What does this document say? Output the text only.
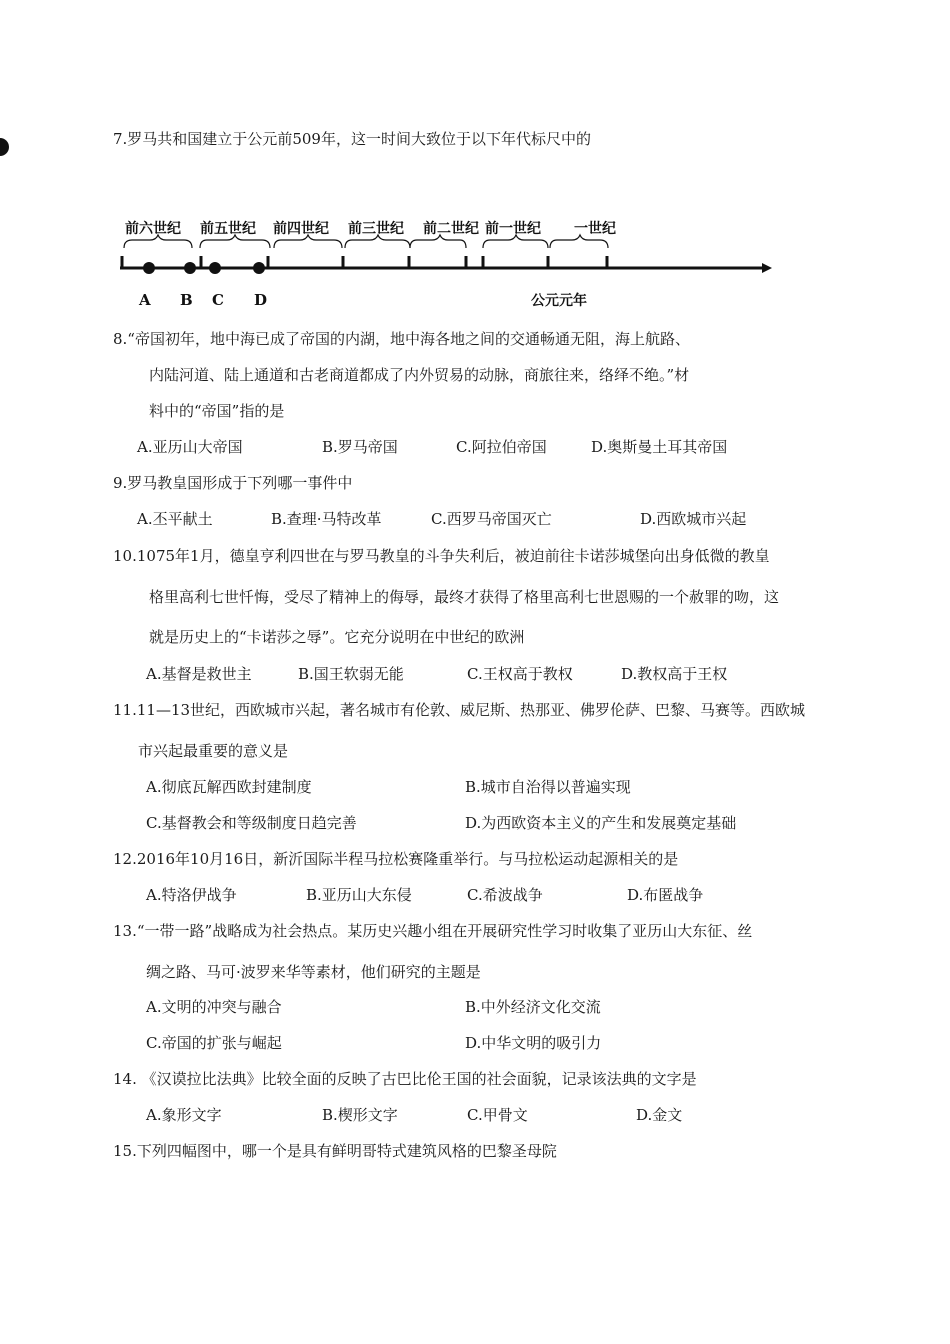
7.罗马共和国建立于公元前509年，这一时间大致位于以下年代标尺中的
前六世纪 前五世纪 前四世纪 前三世纪 前二世纪 前一世纪 一世纪
A B C D	公元元年
8.“帝国初年，地中海已成了帝国的内湖，地中海各地之间的交通畅通无阻，海上航路、
内陆河道、陆上通道和古老商道都成了内外贸易的动脉，商旅往来，络绎不绝。”材
料中的“帝国”指的是
A.亚历山大帝国	B.罗马帝国	C.阿拉伯帝国	D.奥斯曼土耳其帝国
9.罗马教皇国形成于下列哪一事件中
A.丕平献土	B.查理·马特改革	C.西罗马帝国灭亡	D.西欧城市兴起
10.1075年1月，德皇亨利四世在与罗马教皇的斗争失利后，被迫前往卡诺莎城堡向出身低微的教皇
格里高利七世忏悔，受尽了精神上的侮辱，最终才获得了格里高利七世恩赐的一个赦罪的吻，这
就是历史上的“卡诺莎之辱”。它充分说明在中世纪的欧洲
A.基督是救世主	B.国王软弱无能	C.王权高于教权	D.教权高于王权
11.11—13世纪，西欧城市兴起，著名城市有伦敦、威尼斯、热那亚、佛罗伦萨、巴黎、马赛等。西欧城
市兴起最重要的意义是
A.彻底瓦解西欧封建制度	B.城市自治得以普遍实现
C.基督教会和等级制度日趋完善	D.为西欧资本主义的产生和发展奠定基础
12.2016年10月16日，新沂国际半程马拉松赛隆重举行。与马拉松运动起源相关的是
A.特洛伊战争	B.亚历山大东侵	C.希波战争	D.布匿战争
13.“一带一路”战略成为社会热点。某历史兴趣小组在开展研究性学习时收集了亚历山大东征、丝
绸之路、马可·波罗来华等素材，他们研究的主题是
A.文明的冲突与融合	B.中外经济文化交流
C.帝国的扩张与崛起	D.中华文明的吸引力
14. 《汉谟拉比法典》比较全面的反映了古巴比伦王国的社会面貌，记录该法典的文字是
A.象形文字	B.楔形文字	C.甲骨文	D.金文
15.下列四幅图中，哪一个是具有鲜明哥特式建筑风格的巴黎圣母院
